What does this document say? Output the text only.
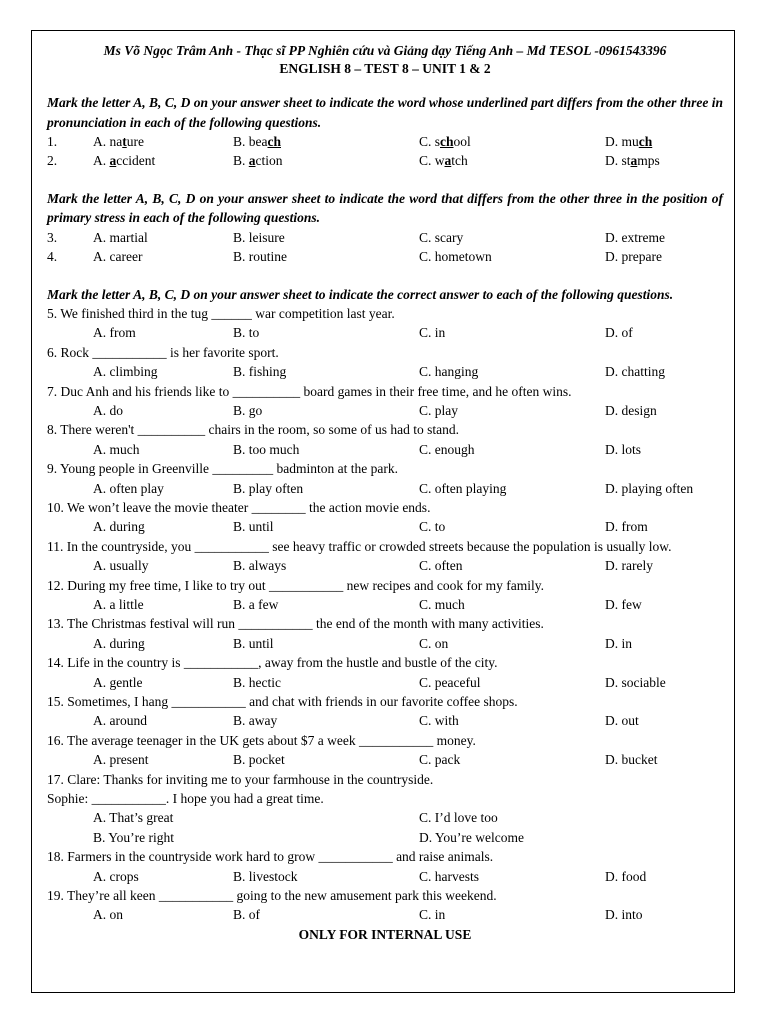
Ms Võ Ngọc Trâm Anh - Thạc sĩ PP Nghiên cứu và Giảng dạy Tiếng Anh – Md TESOL -0961543396
ENGLISH 8 – TEST 8 – UNIT 1 & 2
Mark the letter A, B, C, D on your answer sheet to indicate the word whose underlined part differs from the other three in pronunciation in each of the following questions.
1.	A. nature	B. beach	C. school	D. much
2.	A. accident	B. action	C. watch	D. stamps
Mark the letter A, B, C, D on your answer sheet to indicate the word that differs from the other three in the position of primary stress in each of the following questions.
3.	A. martial	B. leisure	C. scary	D. extreme
4.	A. career	B. routine	C. hometown	D. prepare
Mark the letter A, B, C, D on your answer sheet to indicate the correct answer to each of the following questions.
5. We finished third in the tug ______ war competition last year.
A. from	B. to	C. in	D. of
6. Rock ___________ is her favorite sport.
A. climbing	B. fishing	C. hanging	D. chatting
7. Duc Anh and his friends like to __________ board games in their free time, and he often wins.
A. do	B. go	C. play	D. design
8. There weren't __________ chairs in the room, so some of us had to stand.
A. much	B. too much	C. enough	D. lots
9. Young people in Greenville _________ badminton at the park.
A. often play	B. play often	C. often playing	D. playing often
10. We won’t leave the movie theater ________ the action movie ends.
A. during	B. until	C. to	D. from
11. In the countryside, you ___________ see heavy traffic or crowded streets because the population is usually low.
A. usually	B. always	C. often	D. rarely
12. During my free time, I like to try out ___________ new recipes and cook for my family.
A. a little	B. a few	C. much	D. few
13. The Christmas festival will run ___________ the end of the month with many activities.
A. during	B. until	C. on	D. in
14. Life in the country is ___________, away from the hustle and bustle of the city.
A. gentle	B. hectic	C. peaceful	D. sociable
15. Sometimes, I hang ___________ and chat with friends in our favorite coffee shops.
A. around	B. away	C. with	D. out
16. The average teenager in the UK gets about $7 a week ___________ money.
A. present	B. pocket	C. pack	D. bucket
17. Clare: Thanks for inviting me to your farmhouse in the countryside.
Sophie: ___________. I hope you had a great time.
A. That’s great	C. I’d love too
B. You’re right	D. You’re welcome
18. Farmers in the countryside work hard to grow ___________ and raise animals.
A. crops	B. livestock	C. harvests	D. food
19. They’re all keen ___________ going to the new amusement park this weekend.
A. on	B. of	C. in	D. into
ONLY FOR INTERNAL USE
